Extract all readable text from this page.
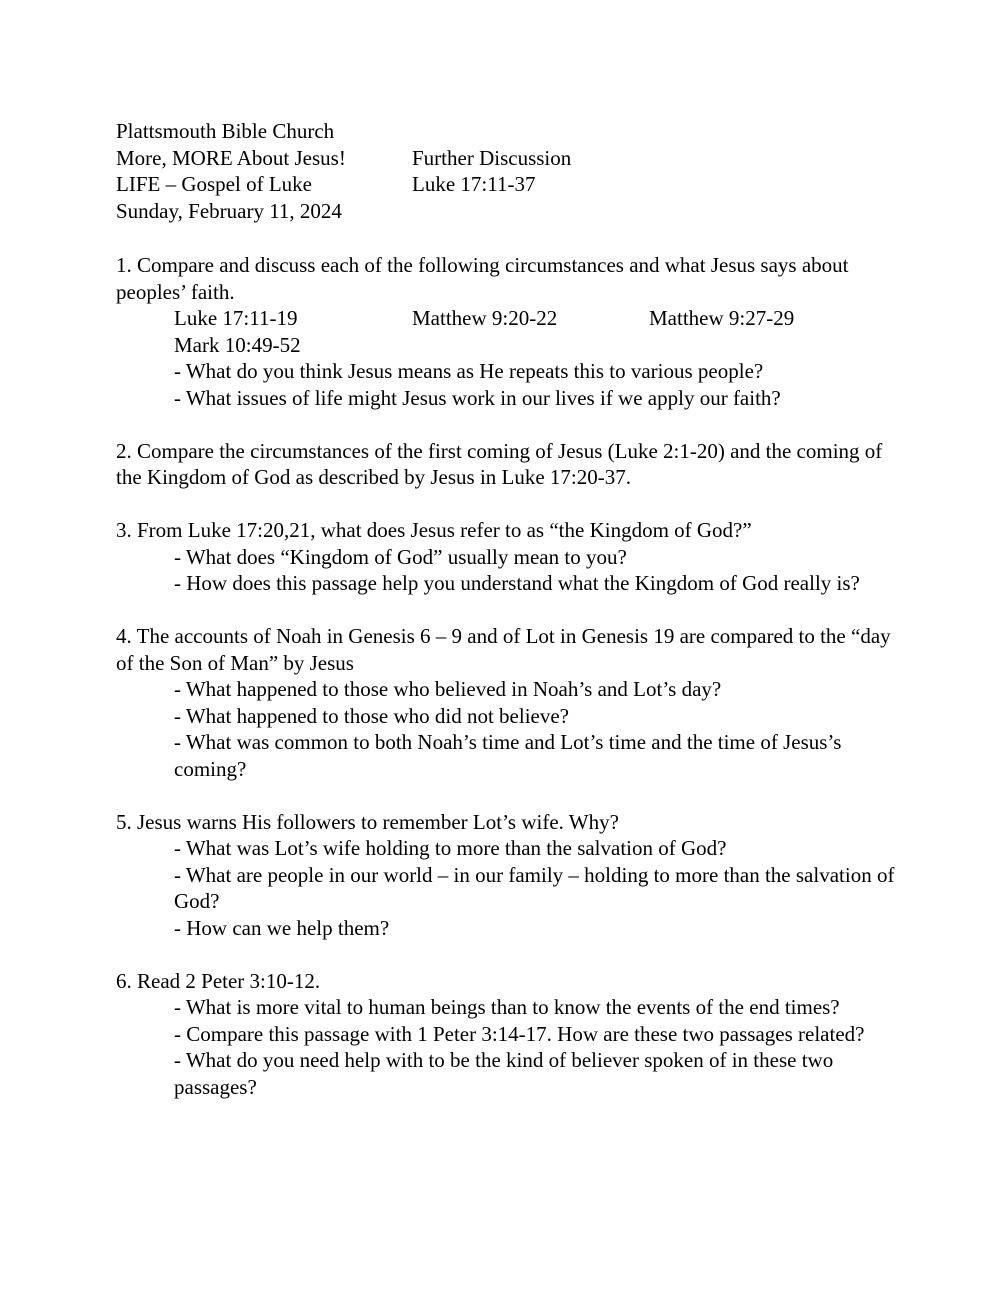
Plattsmouth Bible Church
More, MORE About Jesus!	Further Discussion
LIFE – Gospel of Luke	Luke 17:11-37
Sunday, February 11, 2024

1. Compare and discuss each of the following circumstances and what Jesus says about peoples’ faith.

Luke 17:11-19	Matthew 9:20-22	Matthew 9:27-29

Mark 10:49-52

- What do you think Jesus means as He repeats this to various people?

- What issues of life might Jesus work in our lives if we apply our faith?

2. Compare the circumstances of the first coming of Jesus (Luke 2:1-20) and the coming of the Kingdom of God as described by Jesus in Luke 17:20-37.

3. From Luke 17:20,21, what does Jesus refer to as “the Kingdom of God?”

- What does “Kingdom of God” usually mean to you?

- How does this passage help you understand what the Kingdom of God really is?

4. The accounts of Noah in Genesis 6 – 9 and of Lot in Genesis 19 are compared to the “day of the Son of Man” by Jesus

- What happened to those who believed in Noah’s and Lot’s day?

- What happened to those who did not believe?

- What was common to both Noah’s time and Lot’s time and the time of Jesus’s coming?

5. Jesus warns His followers to remember Lot’s wife. Why?

- What was Lot’s wife holding to more than the salvation of God?

- What are people in our world – in our family – holding to more than the salvation of God?

- How can we help them?

6. Read 2 Peter 3:10-12.

- What is more vital to human beings than to know the events of the end times?

- Compare this passage with 1 Peter 3:14-17. How are these two passages related?

- What do you need help with to be the kind of believer spoken of in these two passages?
